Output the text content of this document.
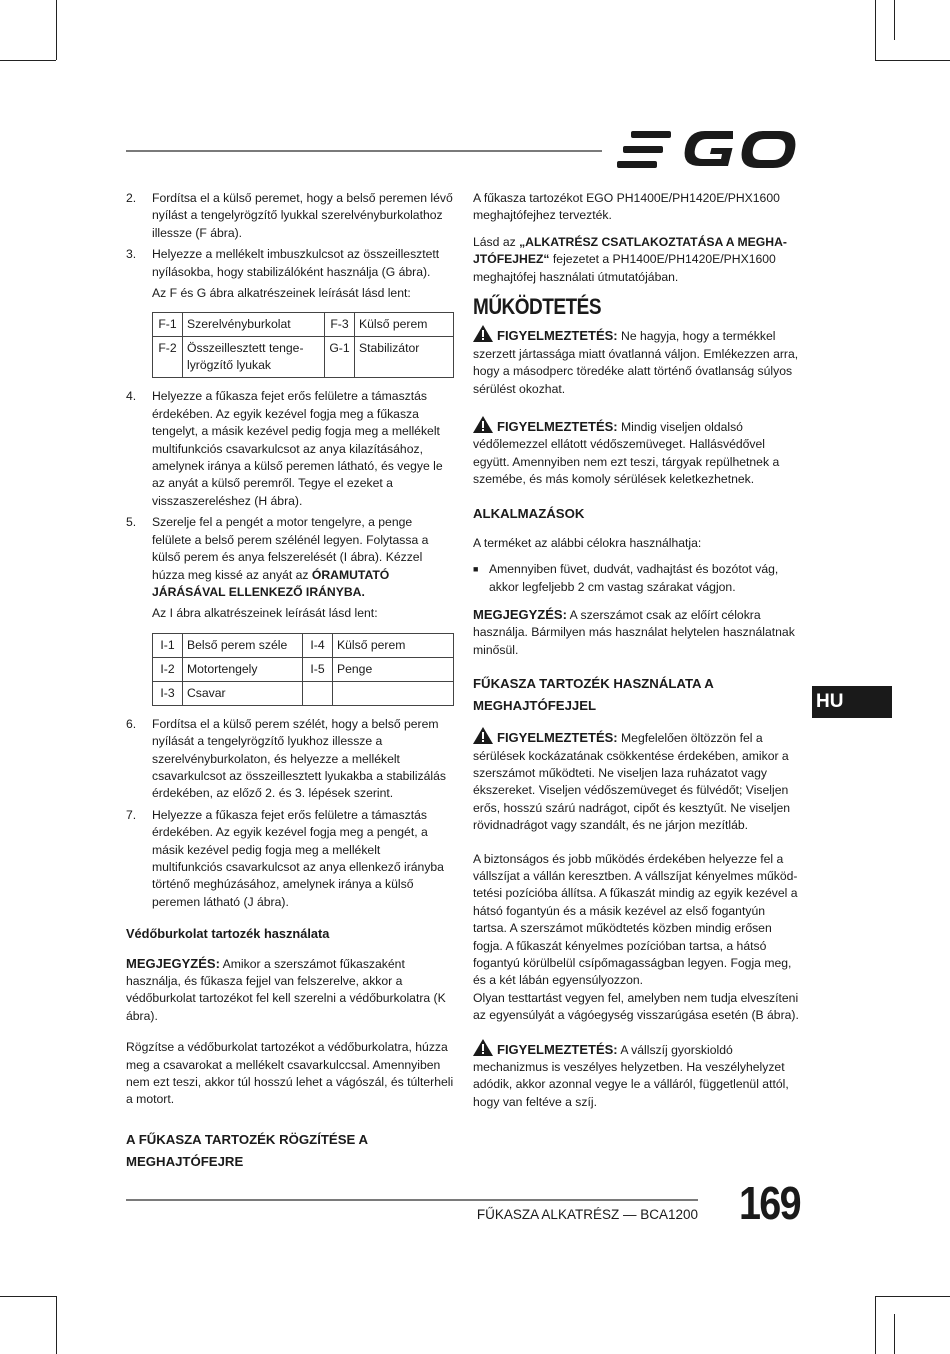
2.	Fordítsa el a külső peremet, hogy a belső peremen lévő nyílást a tengelyrögzítő lyukkal szerelvényburkolathoz illessze (F ábra).
3.	Helyezze a mellékelt imbuszkulcsot az összeillesztett nyílásokba, hogy stabilizálóként használja (G ábra).
Az F és G ábra alkatrészeinek leírását lásd lent:
F-1	Szerelvényburkolat	F-3	Külső perem
F-2	Összeillesztett tenge-lyrögzítő lyukak	G-1	Stabilizátor
4.	Helyezze a fűkasza fejet erős felületre a támasztás érdekében. Az egyik kezével fogja meg a fűkasza tengelyt, a másik kezével pedig fogja meg a mellékelt multifunkciós csavarkulcsot az anya kilazításához, amelynek iránya a külső peremen látható, és vegye le az anyát a külső peremről. Tegye el ezeket a visszaszereléshez (H ábra).
5.	Szerelje fel a pengét a motor tengelyre, a penge felülete a belső perem szélénél legyen. Folytassa a külső perem és anya felszerelését (I ábra). Kézzel húzza meg kissé az anyát az ÓRAMUTATÓ JÁRÁSÁVAL ELLENKEZŐ IRÁNYBA.
Az I ábra alkatrészeinek leírását lásd lent:
I-1	Belső perem széle	I-4	Külső perem
I-2	Motortengely	I-5	Penge
I-3	Csavar		
6.	Fordítsa el a külső perem szélét, hogy a belső perem nyílását a tengelyrögzítő lyukhoz illessze a szerelvényburkolaton, és helyezze a mellékelt csavarkulcsot az összeillesztett lyukakba a stabilizálás érdekében, az előző 2. és 3. lépések szerint.
7.	Helyezze a fűkasza fejet erős felületre a támasztás érdekében. Az egyik kezével fogja meg a pengét, a másik kezével pedig fogja meg a mellékelt multifunkciós csavarkulcsot az anya ellenkező irányba történő meghúzásához, amelynek iránya a külső peremen látható (J ábra).
Védőburkolat tartozék használata
MEGJEGYZÉS: Amikor a szerszámot fűkaszaként használja, és fűkasza fejjel van felszerelve, akkor a védőburkolat tartozékot fel kell szerelni a védőburkolatra (K ábra).
Rögzítse a védőburkolat tartozékot a védőburkolatra, húzza meg a csavarokat a mellékelt csavarkulccsal. Amennyiben nem ezt teszi, akkor túl hosszú lehet a vágószál, és túlterheli a motort.
A FŰKASZA TARTOZÉK RÖGZÍTÉSE A MEGHAJTÓFEJRE
A fűkasza tartozékot EGO PH1400E/PH1420E/PHX1600 meghajtófejhez tervezték.
Lásd az „ALKATRÉSZ CSATLAKOZTATÁSA A MEGHA-JTÓFEJHEZ“ fejezetet a PH1400E/PH1420E/PHX1600 meghajtófej használati útmutatójában.
MŰKÖDTETÉS
FIGYELMEZTETÉS: Ne hagyja, hogy a termékkel szerzett jártassága miatt óvatlanná váljon. Emlékezzen arra, hogy a másodperc töredéke alatt történő óvatlanság súlyos sérülést okozhat.
FIGYELMEZTETÉS: Mindig viseljen oldalsó védőlemezzel ellátott védőszemüveget. Hallásvédővel együtt. Amennyiben nem ezt teszi, tárgyak repülhetnek a szemébe, és más komoly sérülések keletkezhetnek.
ALKALMAZÁSOK
A terméket az alábbi célokra használhatja:
■ Amennyiben füvet, dudvát, vadhajtást és bozótot vág, akkor legfeljebb 2 cm vastag szárakat vágjon.
MEGJEGYZÉS: A szerszámot csak az előírt célokra használja. Bármilyen más használat helytelen használatnak minősül.
FŰKASZA TARTOZÉK HASZNÁLATA A MEGHAJTÓFEJJEL
FIGYELMEZTETÉS: Megfelelően öltözzön fel a sérülések kockázatának csökkentése érdekében, amikor a szerszámot működteti. Ne viseljen laza ruházatot vagy ékszereket. Viseljen védőszemüveget és fülvédőt; Viseljen erős, hosszú szárú nadrágot, cipőt és kesztyűt. Ne viseljen rövidnadrágot vagy szandált, és ne járjon mezítláb.
A biztonságos és jobb működés érdekében helyezze fel a vállszíjat a vállán keresztben. A vállszíjat kényelmes működ-tetési pozícióba állítsa. A fűkaszát mindig az egyik kezével a hátsó fogantyún és a másik kezével az első fogantyún tartsa. A szerszámot működtetés közben mindig erősen fogja. A fűkaszát kényelmes pozícióban tartsa, a hátsó fogantyú körülbelül csípőmagasságban legyen. Fogja meg, és a két lábán egyensúlyozzon.
Olyan testtartást vegyen fel, amelyben nem tudja elveszíteni az egyensúlyát a vágóegység visszarúgása esetén (B ábra).
FIGYELMEZTETÉS: A vállszíj gyorskioldó mechanizmus is veszélyes helyzetben. Ha veszélyhelyzet adódik, akkor azonnal vegye le a válláról, függetlenül attól, hogy van feltéve a szíj.
HU
FŰKASZA ALKATRÉSZ — BCA1200 169
